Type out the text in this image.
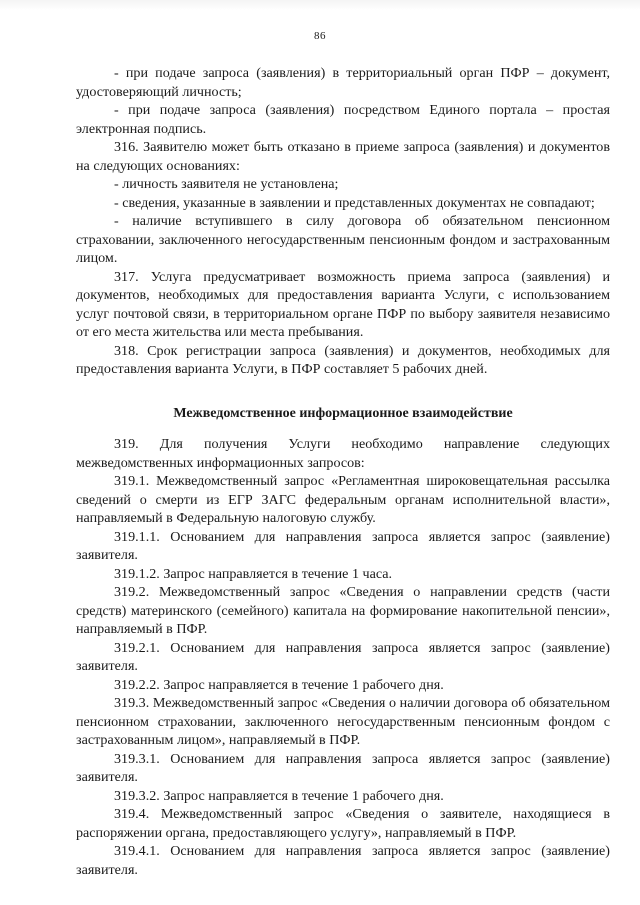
86

- при подаче запроса (заявления) в территориальный орган ПФР – документ, удостоверяющий личность;

- при подаче запроса (заявления) посредством Единого портала – простая электронная подпись.

316. Заявителю может быть отказано в приеме запроса (заявления) и документов на следующих основаниях:

- личность заявителя не установлена;

- сведения, указанные в заявлении и представленных документах не совпадают;

- наличие вступившего в силу договора об обязательном пенсионном страховании, заключенного негосударственным пенсионным фондом и застрахованным лицом.

317. Услуга предусматривает возможность приема запроса (заявления) и документов, необходимых для предоставления варианта Услуги, с использованием услуг почтовой связи, в территориальном органе ПФР по выбору заявителя независимо от его места жительства или места пребывания.

318. Срок регистрации запроса (заявления) и документов, необходимых для предоставления варианта Услуги, в ПФР составляет 5 рабочих дней.

Межведомственное информационное взаимодействие

319. Для получения Услуги необходимо направление следующих межведомственных информационных запросов:

319.1. Межведомственный запрос «Регламентная широковещательная рассылка сведений о смерти из ЕГР ЗАГС федеральным органам исполнительной власти», направляемый в Федеральную налоговую службу.

319.1.1. Основанием для направления запроса является запрос (заявление) заявителя.

319.1.2. Запрос направляется в течение 1 часа.

319.2. Межведомственный запрос «Сведения о направлении средств (части средств) материнского (семейного) капитала на формирование накопительной пенсии», направляемый в ПФР.

319.2.1. Основанием для направления запроса является запрос (заявление) заявителя.

319.2.2. Запрос направляется в течение 1 рабочего дня.

319.3. Межведомственный запрос «Сведения о наличии договора об обязательном пенсионном страховании, заключенного негосударственным пенсионным фондом с застрахованным лицом», направляемый в ПФР.

319.3.1. Основанием для направления запроса является запрос (заявление) заявителя.

319.3.2. Запрос направляется в течение 1 рабочего дня.

319.4. Межведомственный запрос «Сведения о заявителе, находящиеся в распоряжении органа, предоставляющего услугу», направляемый в ПФР.

319.4.1. Основанием для направления запроса является запрос (заявление) заявителя.
